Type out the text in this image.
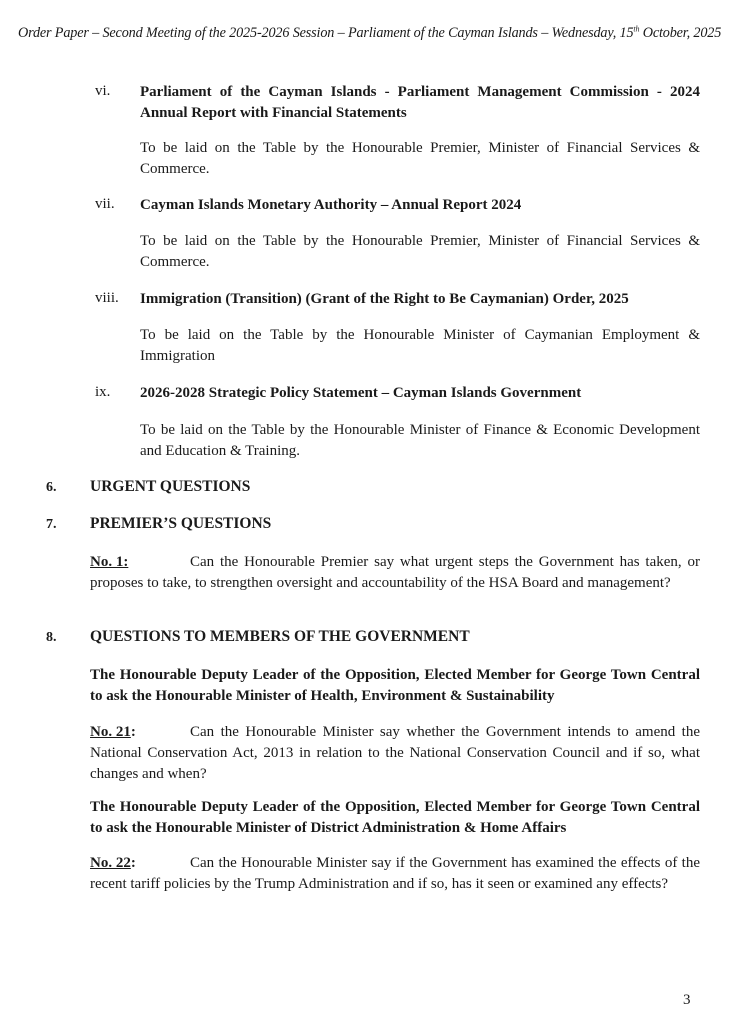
Order Paper – Second Meeting of the 2025-2026 Session – Parliament of the Cayman Islands – Wednesday, 15th October, 2025
vi. Parliament of the Cayman Islands - Parliament Management Commission - 2024 Annual Report with Financial Statements
To be laid on the Table by the Honourable Premier, Minister of Financial Services & Commerce.
vii. Cayman Islands Monetary Authority – Annual Report 2024
To be laid on the Table by the Honourable Premier, Minister of Financial Services & Commerce.
viii. Immigration (Transition) (Grant of the Right to Be Caymanian) Order, 2025
To be laid on the Table by the Honourable Minister of Caymanian Employment & Immigration
ix. 2026-2028 Strategic Policy Statement – Cayman Islands Government
To be laid on the Table by the Honourable Minister of Finance & Economic Development and Education & Training.
6. URGENT QUESTIONS
7. PREMIER’S QUESTIONS
No. 1:	Can the Honourable Premier say what urgent steps the Government has taken, or proposes to take, to strengthen oversight and accountability of the HSA Board and management?
8. QUESTIONS TO MEMBERS OF THE GOVERNMENT
The Honourable Deputy Leader of the Opposition, Elected Member for George Town Central to ask the Honourable Minister of Health, Environment & Sustainability
No. 21:	Can the Honourable Minister say whether the Government intends to amend the National Conservation Act, 2013 in relation to the National Conservation Council and if so, what changes and when?
The Honourable Deputy Leader of the Opposition, Elected Member for George Town Central to ask the Honourable Minister of District Administration & Home Affairs
No. 22:	Can the Honourable Minister say if the Government has examined the effects of the recent tariff policies by the Trump Administration and if so, has it seen or examined any effects?
3
